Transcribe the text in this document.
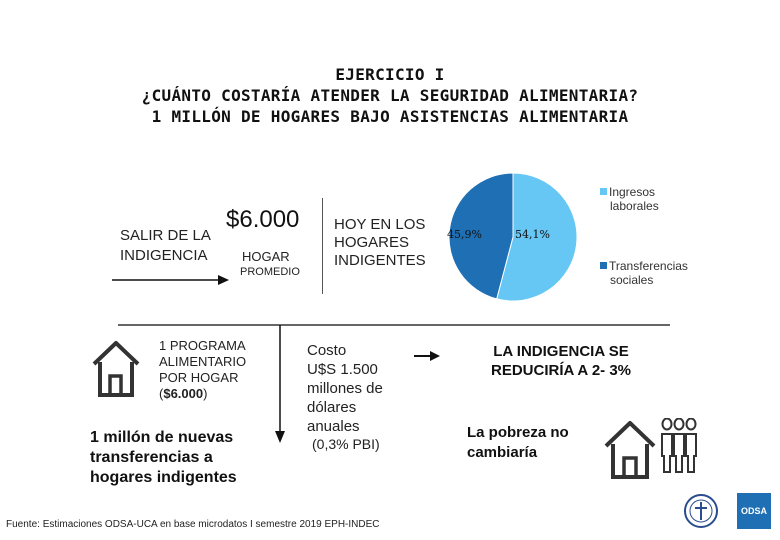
EJERCICIO I
¿CUÁNTO COSTARÍA ATENDER LA SEGURIDAD ALIMENTARIA?
1 MILLÓN DE HOGARES BAJO ASISTENCIAS ALIMENTARIA
SALIR DE LA
INDIGENCIA
$6.000
HOGAR
PROMEDIO
HOY EN LOS
HOGARES
INDIGENTES
45,9%	54,1%
Ingresos
laborales
Transferencias
sociales
1 PROGRAMA
ALIMENTARIO
POR HOGAR
($6.000)
1 millón de nuevas
transferencias a
hogares indigentes
Costo
U$S 1.500
millones de
dólares
anuales
(0,3% PBI)
LA INDIGENCIA SE
REDUCIRÍA A 2- 3%
La pobreza no
cambiaría
Fuente: Estimaciones ODSA-UCA en base microdatos I semestre 2019 EPH-INDEC
ODSA
